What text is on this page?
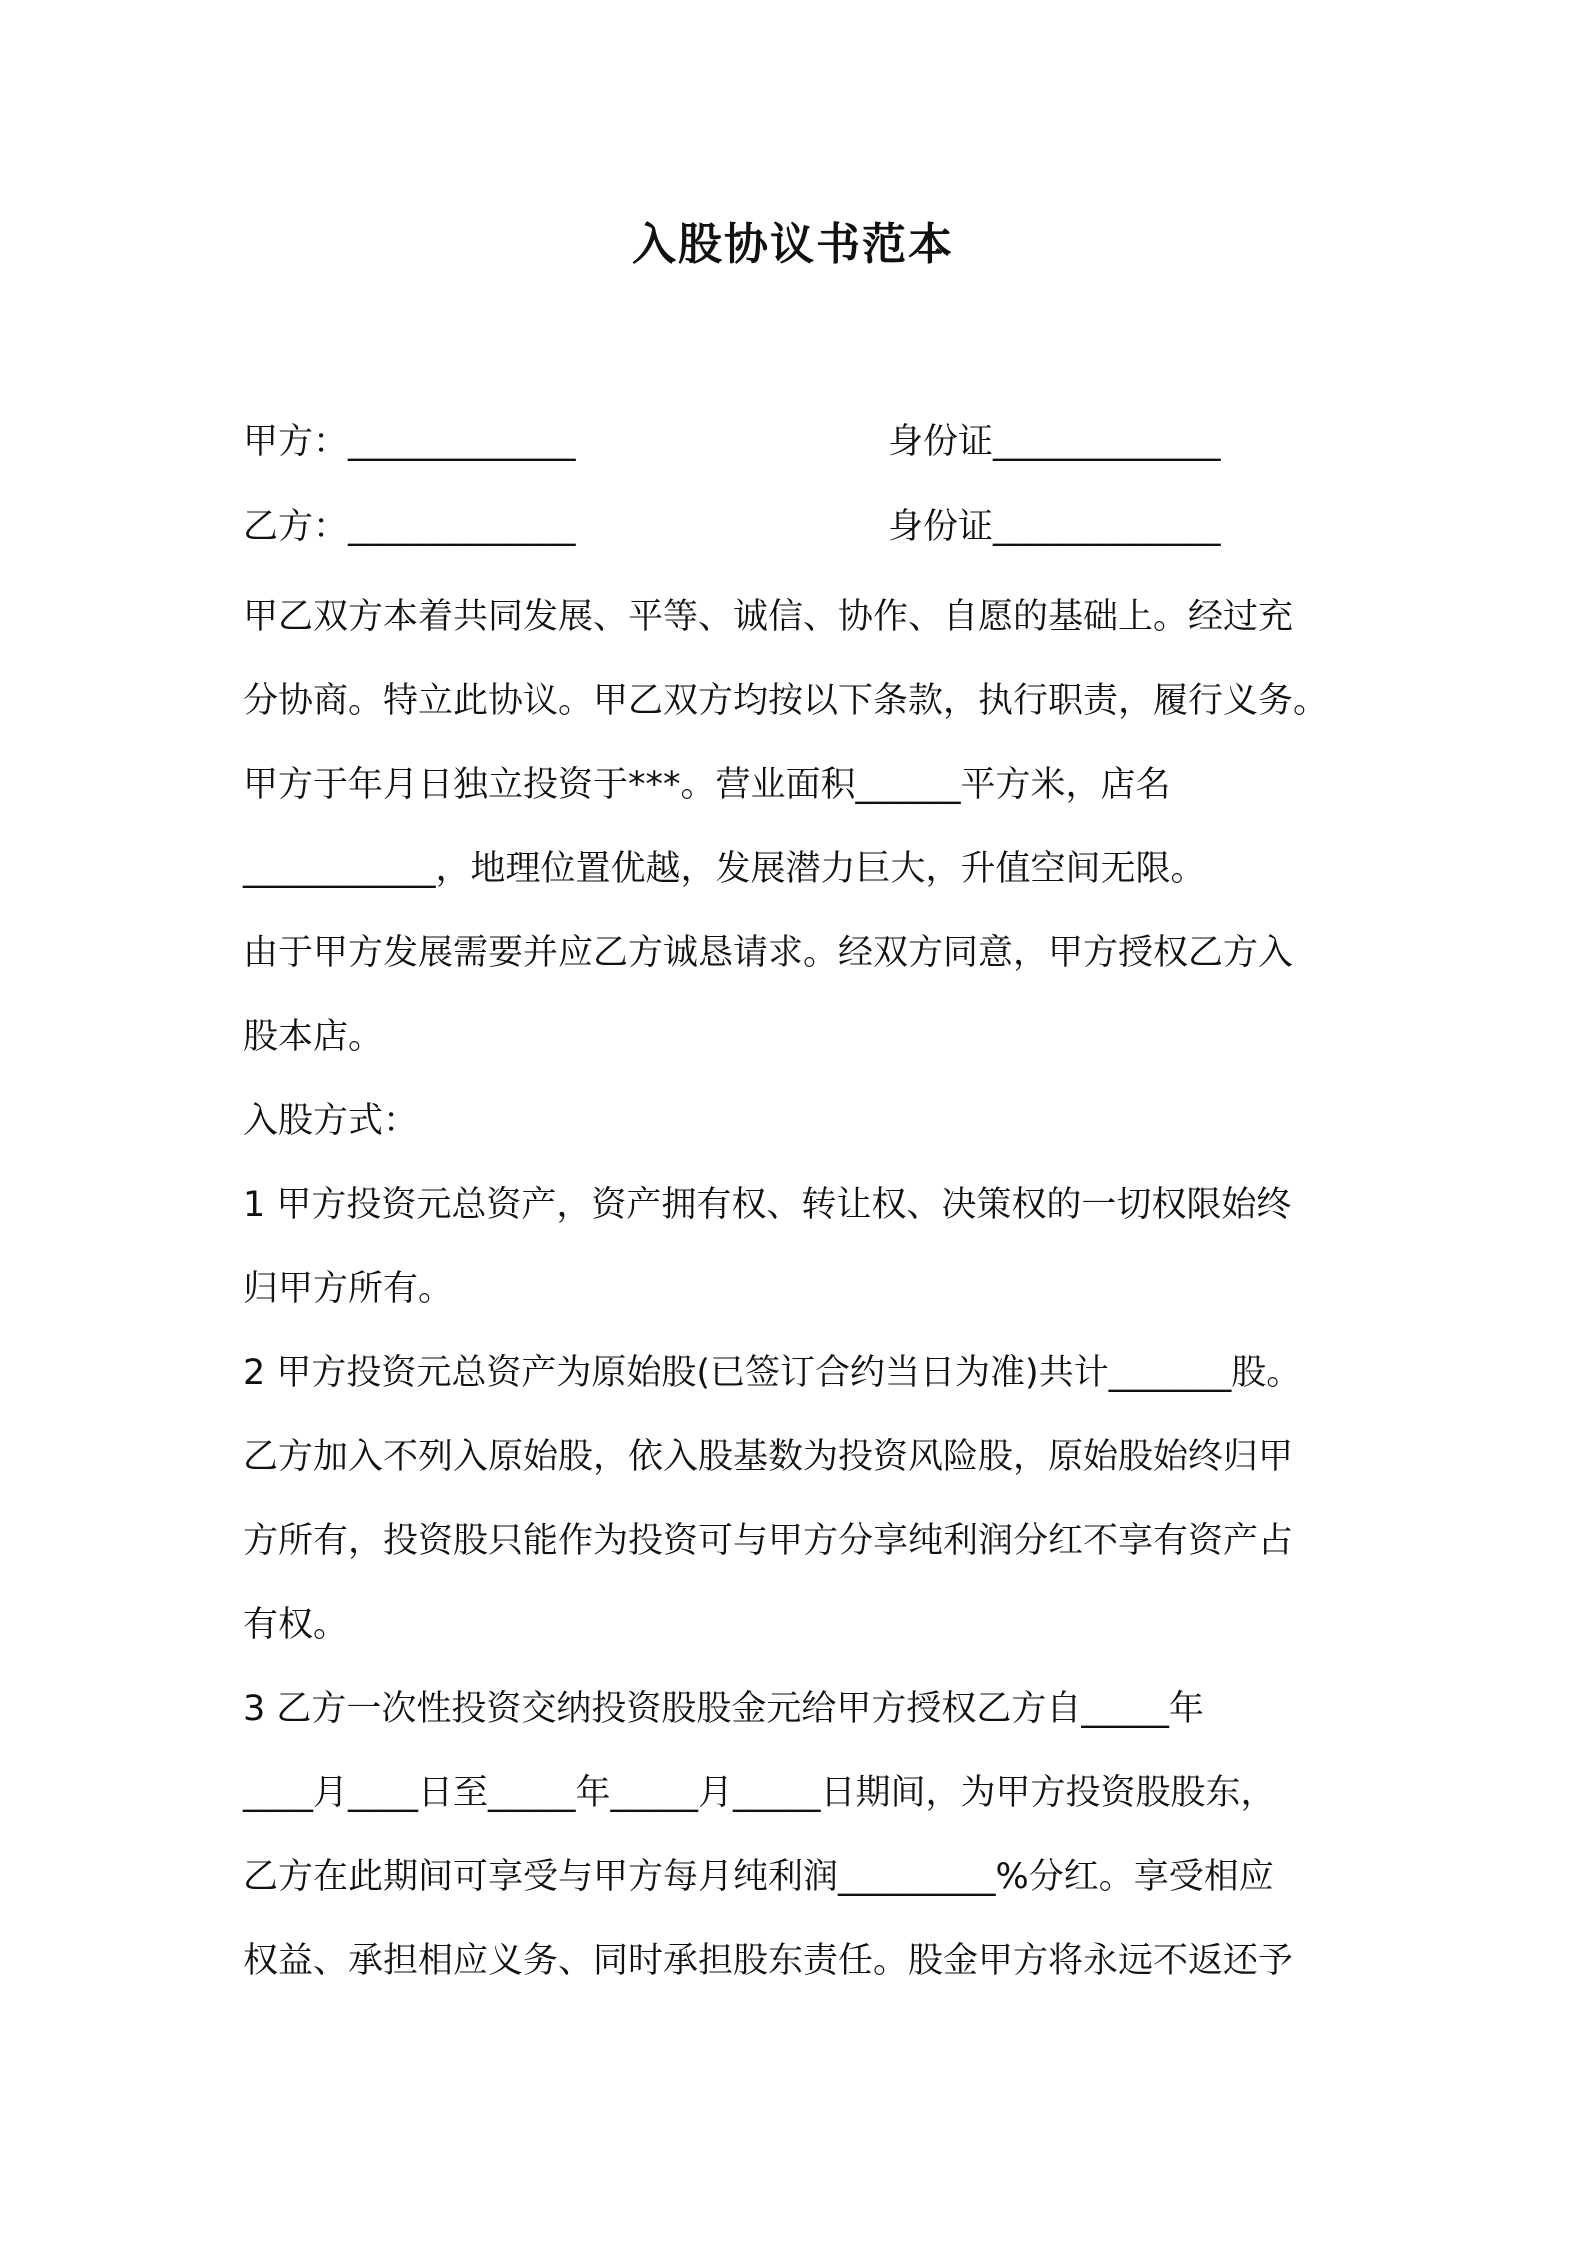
入股协议书范本
甲方：_____________	身份证_____________
乙方：_____________	身份证_____________
甲乙双方本着共同发展、平等、诚信、协作、自愿的基础上。经过充
分协商。特立此协议。甲乙双方均按以下条款，执行职责，履行义务。
甲方于年月日独立投资于***。营业面积______平方米，店名
___________，地理位置优越，发展潜力巨大，升值空间无限。
由于甲方发展需要并应乙方诚恳请求。经双方同意，甲方授权乙方入
股本店。
入股方式：
1 甲方投资元总资产，资产拥有权、转让权、决策权的一切权限始终
归甲方所有。
2 甲方投资元总资产为原始股(已签订合约当日为准)共计_______股。
乙方加入不列入原始股，依入股基数为投资风险股，原始股始终归甲
方所有，投资股只能作为投资可与甲方分享纯利润分红不享有资产占
有权。
3 乙方一次性投资交纳投资股股金元给甲方授权乙方自_____年
____月____日至_____年_____月_____日期间，为甲方投资股股东，
乙方在此期间可享受与甲方每月纯利润_________%分红。享受相应
权益、承担相应义务、同时承担股东责任。股金甲方将永远不返还予
